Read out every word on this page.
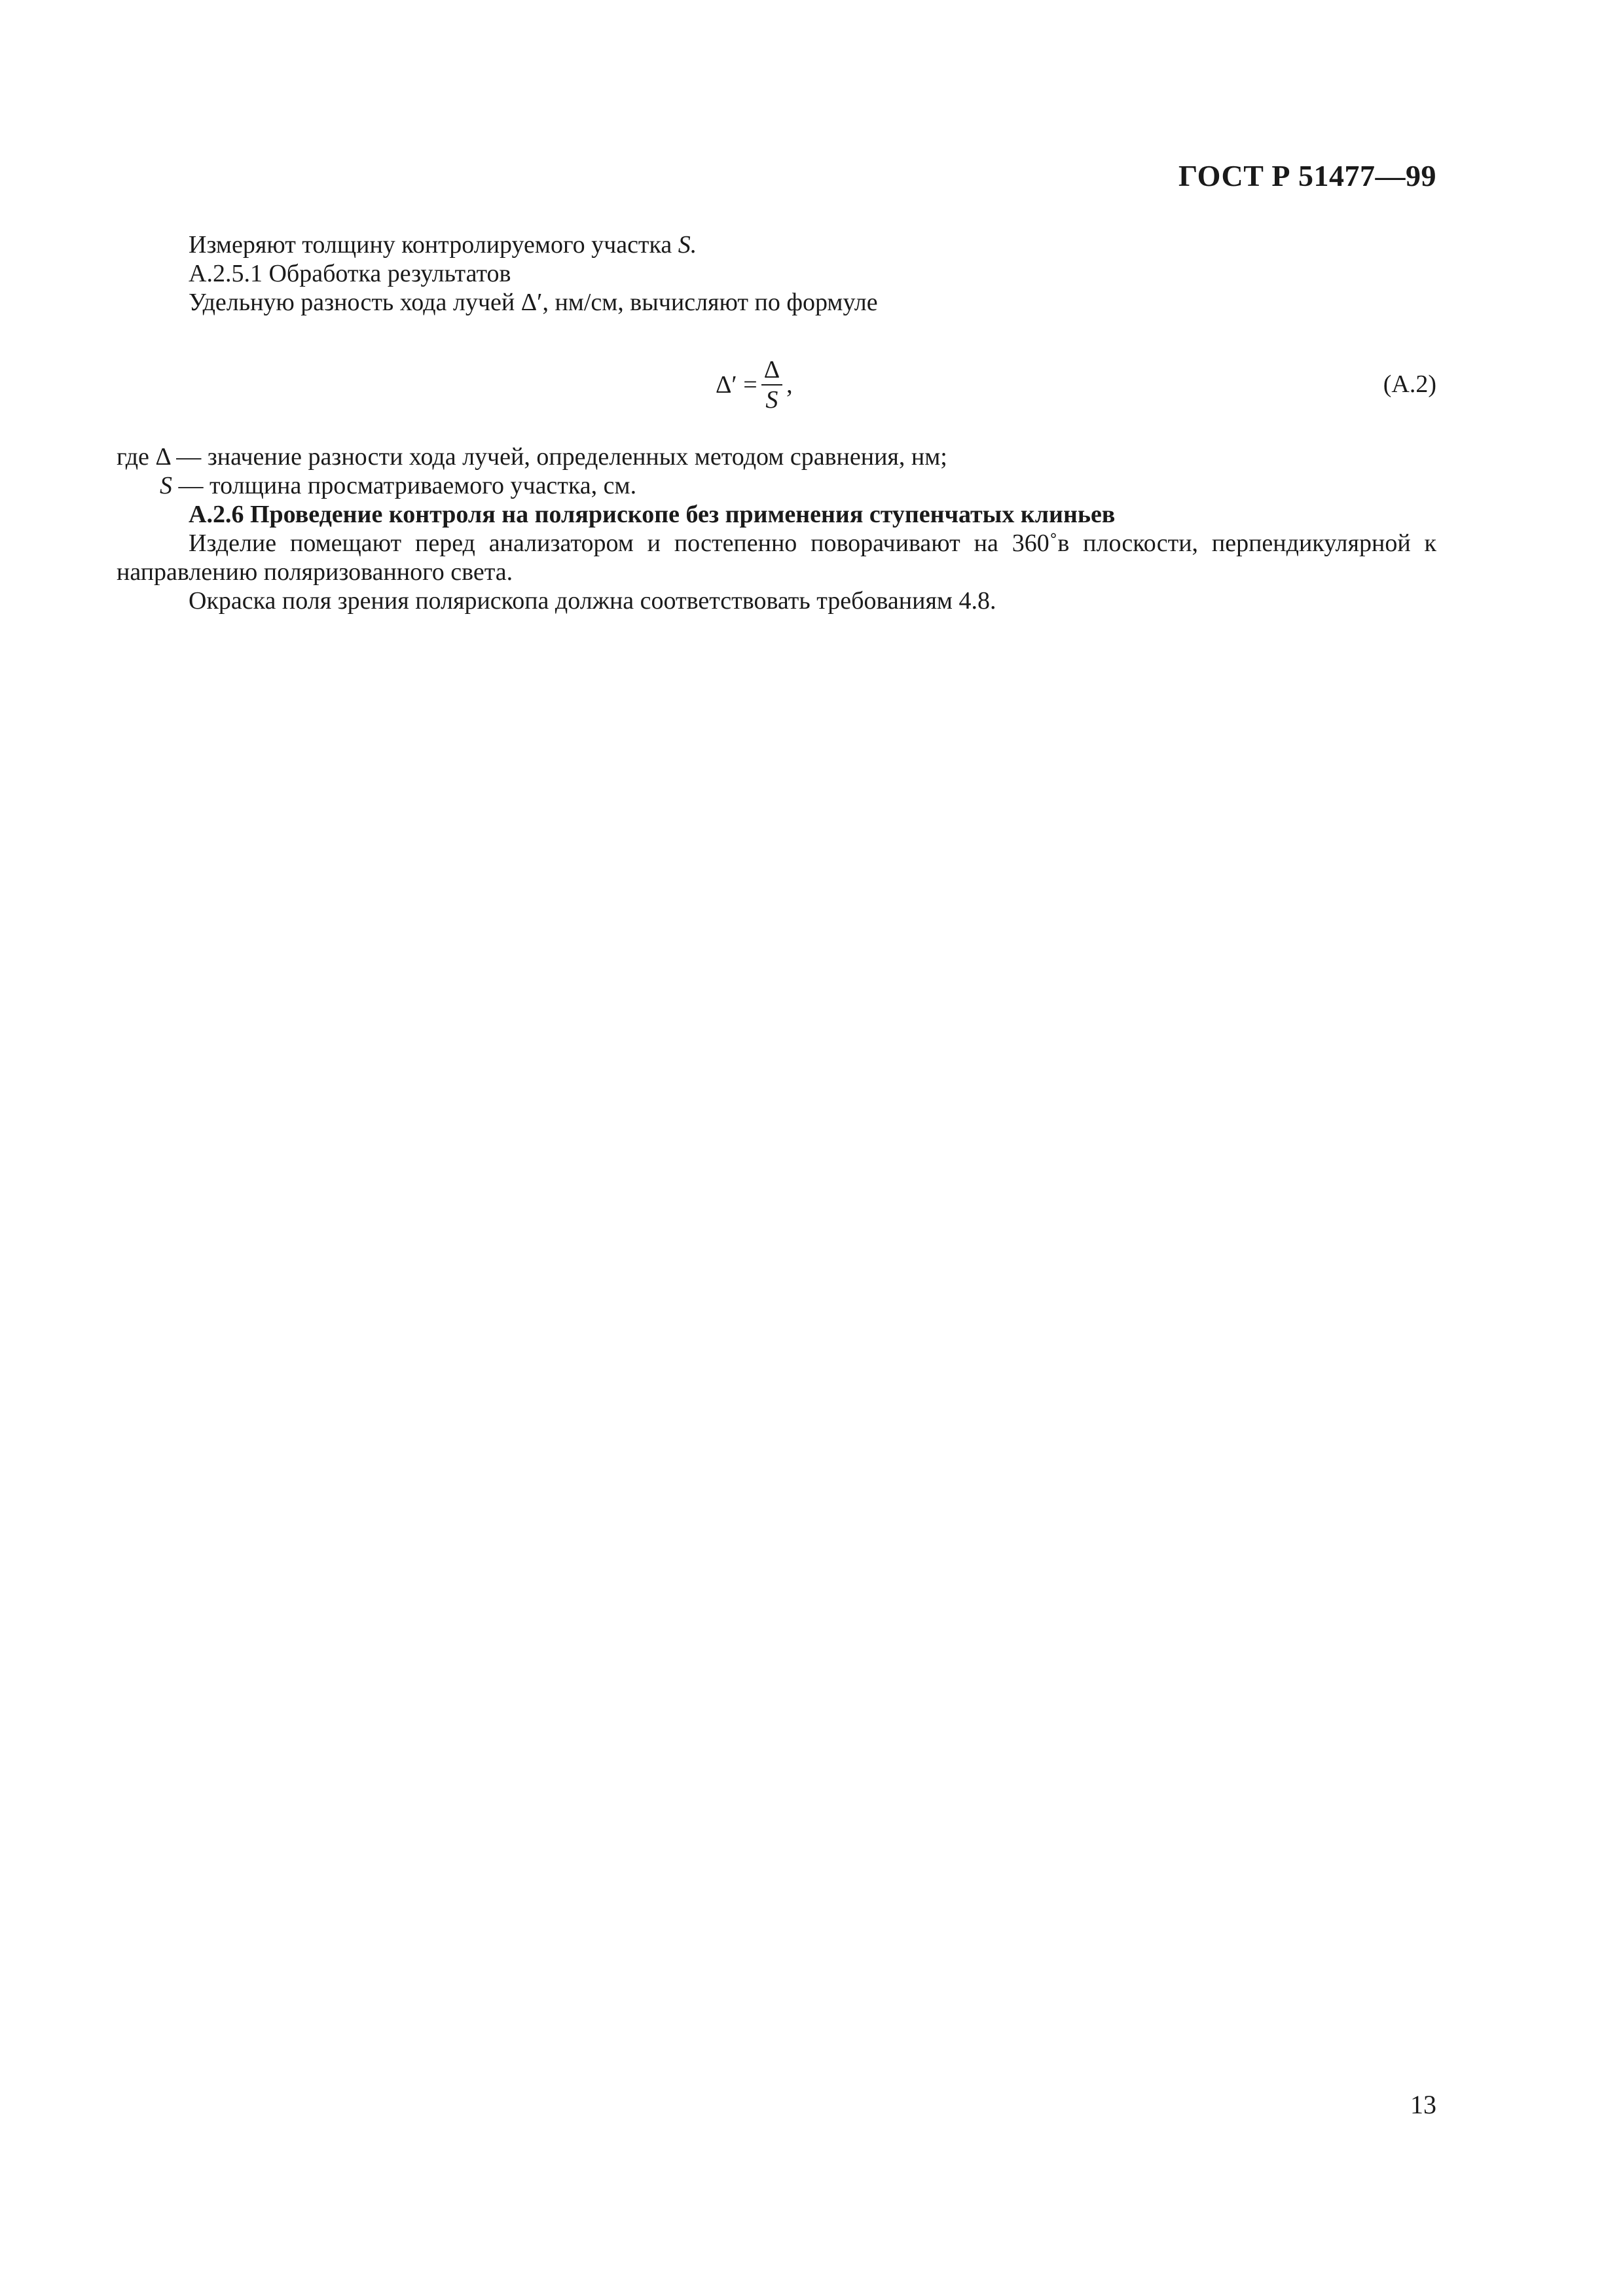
ГОСТ Р 51477—99
Измеряют толщину контролируемого участка S.
А.2.5.1 Обработка результатов
Удельную разность хода лучей Δ′, нм/см, вычисляют по формуле
$\Delta' = \frac{\Delta}{S}$ ,	(А.2)
где Δ — значение разности хода лучей, определенных методом сравнения, нм;
S — толщина просматриваемого участка, см.
А.2.6 Проведение контроля на полярископе без применения ступенчатых клиньев
Изделие помещают перед анализатором и постепенно поворачивают на 360˚в плоскости, перпендикулярной к направлению поляризованного света.
Окраска поля зрения полярископа должна соответствовать требованиям 4.8.
13
